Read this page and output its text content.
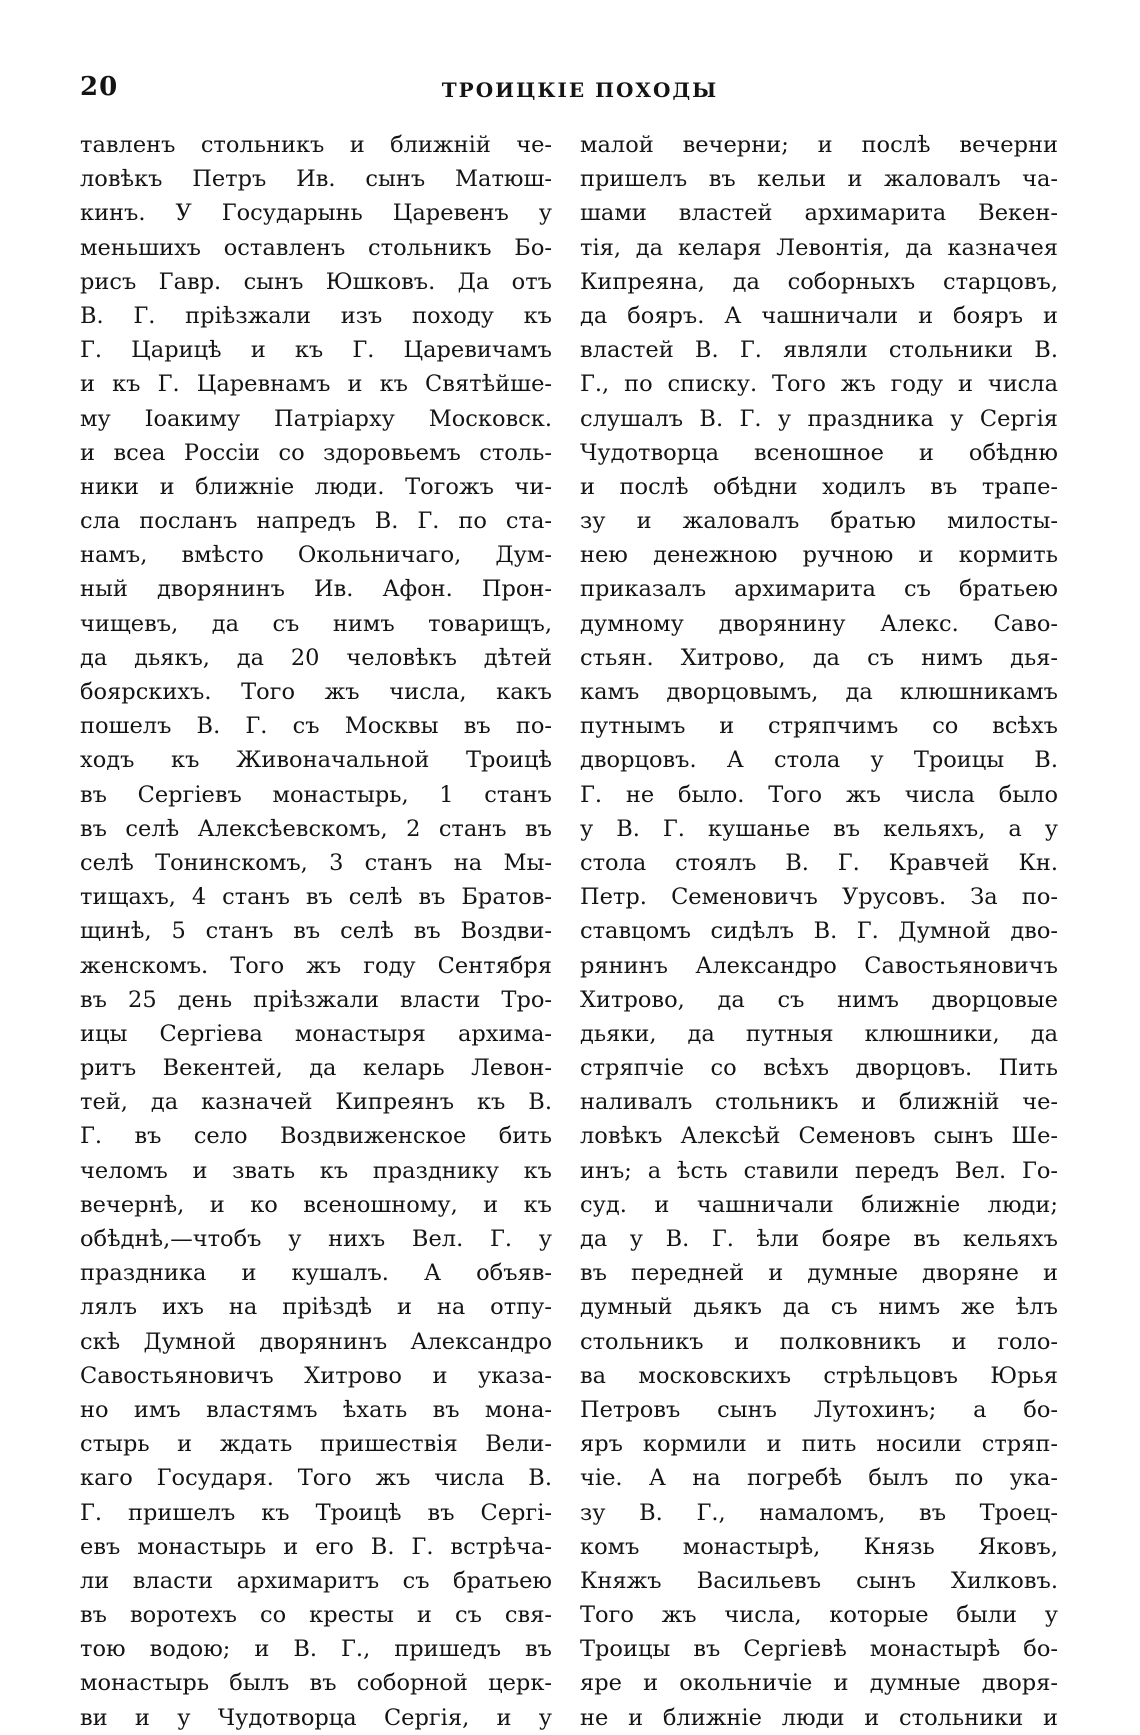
20	ТРОИЦКІЕ ПОХОДЫ
тавленъ стольникъ и ближній че-
ловѣкъ Петръ Ив. сынъ Матюш-
кинъ. У Государынь Царевенъ у
меньшихъ оставленъ стольникъ Бо-
рисъ Гавр. сынъ Юшковъ. Да отъ
В. Г. пріѣзжали изъ походу къ
Г. Царицѣ и къ Г. Царевичамъ
и къ Г. Царевнамъ и къ Святѣйше-
му Іоакиму Патріарху Московск.
и всеа Россіи со здоровьемъ столь-
ники и ближніе люди. Тогожъ чи-
сла посланъ напредъ В. Г. по ста-
намъ, вмѣсто Окольничаго, Дум-
ный дворянинъ Ив. Афон. Прон-
чищевъ, да съ нимъ товарищъ,
да дьякъ, да 20 человѣкъ дѣтей
боярскихъ. Того жъ числа, какъ
пошелъ В. Г. съ Москвы въ по-
ходъ къ Живоначальной Троицѣ
въ Сергіевъ монастырь, 1 станъ
въ селѣ Алексѣевскомъ, 2 станъ въ
селѣ Тонинскомъ, 3 станъ на Мы-
тищахъ, 4 станъ въ селѣ въ Братов-
щинѣ, 5 станъ въ селѣ въ Воздви-
женскомъ. Того жъ году Сентября
въ 25 день пріѣзжали власти Тро-
ицы Сергіева монастыря архима-
ритъ Векентей, да келарь Левон-
тей, да казначей Кипреянъ къ В.
Г. въ село Воздвиженское бить
челомъ и звать къ празднику къ
вечернѣ, и ко всеношному, и къ
обѣднѣ,—чтобъ у нихъ Вел. Г. у
праздника и кушалъ. А объяв-
лялъ ихъ на пріѣздѣ и на отпу-
скѣ Думной дворянинъ Александро
Савостьяновичъ Хитрово и указа-
но имъ властямъ ѣхать въ мона-
стырь и ждать пришествія Вели-
каго Государя. Того жъ числа В.
Г. пришелъ къ Троицѣ въ Сергі-
евъ монастырь и его В. Г. встрѣча-
ли власти архимаритъ съ братьею
въ воротехъ со кресты и съ свя-
тою водою; и В. Г., пришедъ въ
монастырь былъ въ соборной церк-
ви и у Чудотворца Сергія, и у
малой вечерни; и послѣ вечерни
пришелъ въ кельи и жаловалъ ча-
шами властей архимарита Векен-
тія, да келаря Левонтія, да казначея
Кипреяна, да соборныхъ старцовъ,
да бояръ. А чашничали и бояръ и
властей В. Г. являли стольники В.
Г., по списку. Того жъ году и числа
слушалъ В. Г. у праздника у Сергія
Чудотворца всеношное и обѣдню
и послѣ обѣдни ходилъ въ трапе-
зу и жаловалъ братью милосты-
нею денежною ручною и кормить
приказалъ архимарита съ братьею
думному дворянину Алекс. Саво-
стьян. Хитрово, да съ нимъ дья-
камъ дворцовымъ, да клюшникамъ
путнымъ и стряпчимъ со всѣхъ
дворцовъ. А стола у Троицы В.
Г. не было. Того жъ числа было
у В. Г. кушанье въ кельяхъ, а у
стола стоялъ В. Г. Кравчей Кн.
Петр. Семеновичъ Урусовъ. За по-
ставцомъ сидѣлъ В. Г. Думной дво-
рянинъ Александро Савостьяновичъ
Хитрово, да съ нимъ дворцовые
дьяки, да путныя клюшники, да
стряпчіе со всѣхъ дворцовъ. Пить
наливалъ стольникъ и ближній че-
ловѣкъ Алексѣй Семеновъ сынъ Ше-
инъ; а ѣсть ставили передъ Вел. Го-
суд. и чашничали ближніе люди;
да у В. Г. ѣли бояре въ кельяхъ
въ передней и думные дворяне и
думный дьякъ да съ нимъ же ѣлъ
стольникъ и полковникъ и голо-
ва московскихъ стрѣльцовъ Юрья
Петровъ сынъ Лутохинъ; а бо-
яръ кормили и пить носили стряп-
чіе. А на погребѣ былъ по ука-
зу В. Г., намаломъ, въ Троец-
комъ монастырѣ, Князь Яковъ,
Княжъ Васильевъ сынъ Хилковъ.
Того жъ числа, которые были у
Троицы въ Сергіевѣ монастырѣ бо-
яре и окольничіе и думные дворя-
не и ближніе люди и стольники и
